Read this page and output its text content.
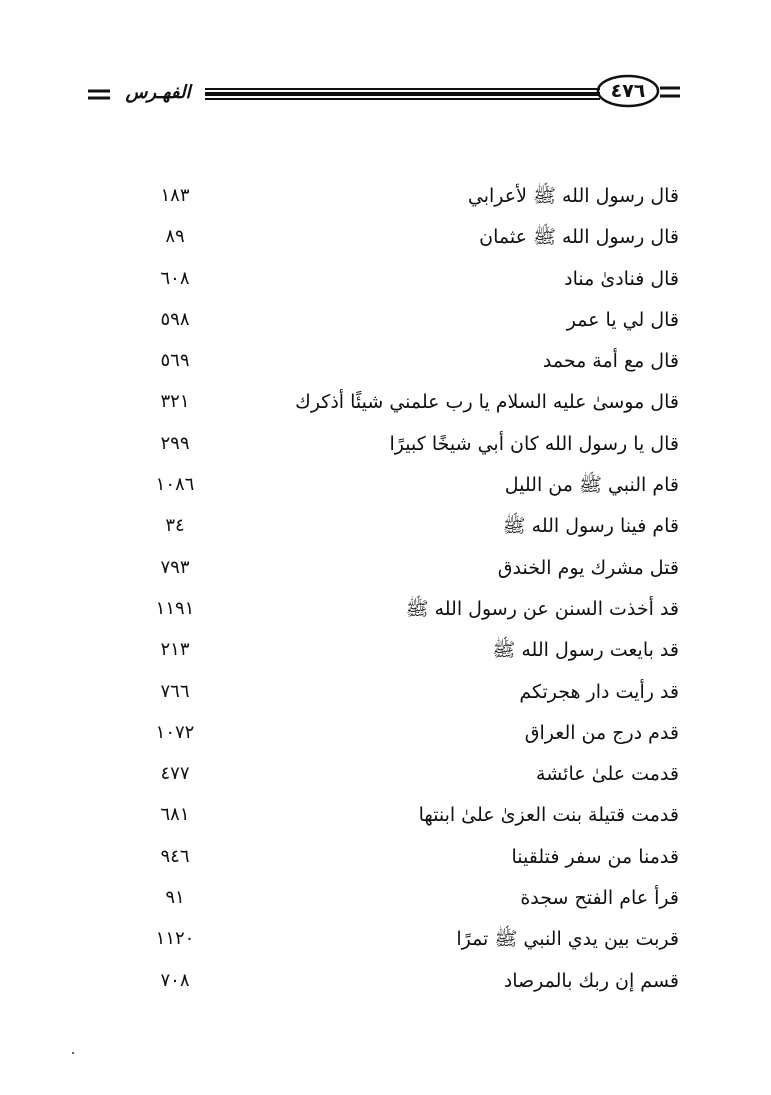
الفهـرس	٤٧٦
قال رسول الله ﷺ لأعرابي
١٨٣
قال رسول الله ﷺ عثمان
٨٩
قال فنادىٰ مناد
٦٠٨
قال لي يا عمر
٥٩٨
قال مع أمة محمد
٥٦٩
قال موسىٰ عليه السلام يا رب علمني شيئًا أذكرك
٣٢١
قال يا رسول الله كان أبي شيخًا كبيرًا
٢٩٩
قام النبي ﷺ من الليل
١٠٨٦
قام فينا رسول الله ﷺ
٣٤
قتل مشرك يوم الخندق
٧٩٣
قد أخذت السنن عن رسول الله ﷺ
١١٩١
قد بايعت رسول الله ﷺ
٢١٣
قد رأيت دار هجرتكم
٧٦٦
قدم درج من العراق
١٠٧٢
قدمت علىٰ عائشة
٤٧٧
قدمت قتيلة بنت العزىٰ علىٰ ابنتها
٦٨١
قدمنا من سفر فتلقينا
٩٤٦
قرأ عام الفتح سجدة
٩١
قربت بين يدي النبي ﷺ تمرًا
١١٢٠
قسم إن ربك بالمرصاد
٧٠٨
